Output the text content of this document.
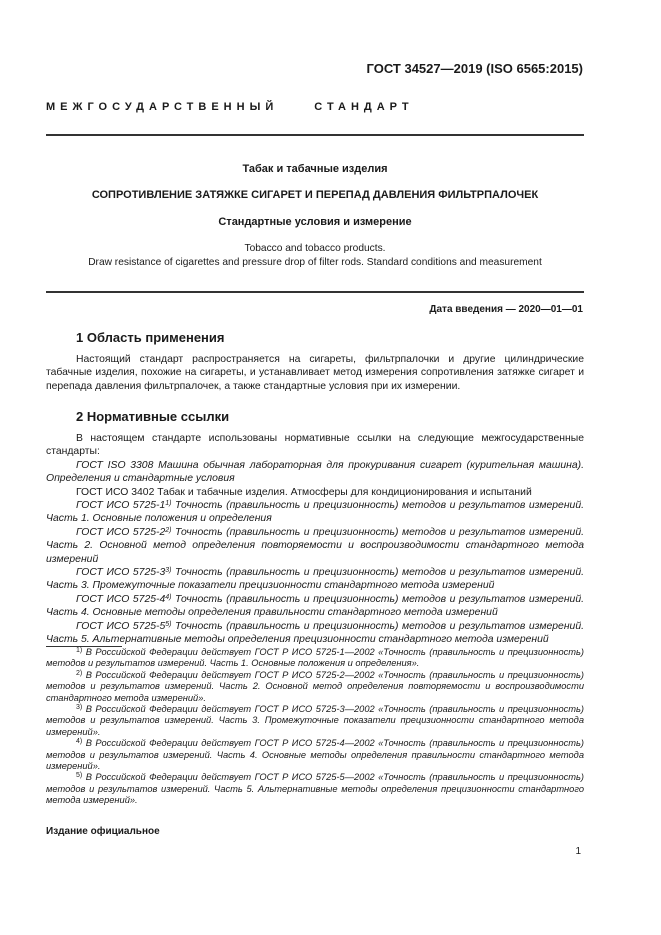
ГОСТ 34527—2019 (ISO 6565:2015)
МЕЖГОСУДАРСТВЕННЫЙ СТАНДАРТ
Табак и табачные изделия
СОПРОТИВЛЕНИЕ ЗАТЯЖКЕ СИГАРЕТ И ПЕРЕПАД ДАВЛЕНИЯ ФИЛЬТРПАЛОЧЕК
Стандартные условия и измерение
Tobacco and tobacco products.
Draw resistance of cigarettes and pressure drop of filter rods. Standard conditions and measurement
Дата введения — 2020—01—01
1 Область применения
Настоящий стандарт распространяется на сигареты, фильтрпалочки и другие цилиндрические табачные изделия, похожие на сигареты, и устанавливает метод измерения сопротивления затяжке сигарет и перепада давления фильтрпалочек, а также стандартные условия при их измерении.
2 Нормативные ссылки

В настоящем стандарте использованы нормативные ссылки на следующие межгосударственные стандарты:

ГОСТ ISO 3308 Машина обычная лабораторная для прокуривания сигарет (курительная машина). Определения и стандартные условия

ГОСТ ИСО 3402 Табак и табачные изделия. Атмосферы для кондиционирования и испытаний

ГОСТ ИСО 5725-1$^{1)}$ Точность (правильность и прецизионность) методов и результатов измерений. Часть 1. Основные положения и определения

ГОСТ ИСО 5725-2$^{2)}$ Точность (правильность и прецизионность) методов и результатов измерений. Часть 2. Основной метод определения повторяемости и воспроизводимости стандартного метода измерений

ГОСТ ИСО 5725-3$^{3)}$ Точность (правильность и прецизионность) методов и результатов измерений. Часть 3. Промежуточные показатели прецизионности стандартного метода измерений

ГОСТ ИСО 5725-4$^{4)}$ Точность (правильность и прецизионность) методов и результатов измерений. Часть 4. Основные методы определения правильности стандартного метода измерений

ГОСТ ИСО 5725-5$^{5)}$ Точность (правильность и прецизионность) методов и результатов измерений. Часть 5. Альтернативные методы определения прецизионности стандартного метода измерений

$^{1)}$ В Российской Федерации действует ГОСТ Р ИСО 5725-1—2002 «Точность (правильность и прецизионность) методов и результатов измерений. Часть 1. Основные положения и определения».

$^{2)}$ В Российской Федерации действует ГОСТ Р ИСО 5725-2—2002 «Точность (правильность и прецизионность) методов и результатов измерений. Часть 2. Основной метод определения повторяемости и воспроизводимости стандартного метода измерений».

$^{3)}$ В Российской Федерации действует ГОСТ Р ИСО 5725-3—2002 «Точность (правильность и прецизионность) методов и результатов измерений. Часть 3. Промежуточные показатели прецизионности стандартного метода измерений».

$^{4)}$ В Российской Федерации действует ГОСТ Р ИСО 5725-4—2002 «Точность (правильность и прецизионность) методов и результатов измерений. Часть 4. Основные методы определения правильности стандартного метода измерений».

$^{5)}$ В Российской Федерации действует ГОСТ Р ИСО 5725-5—2002 «Точность (правильность и прецизионность) методов и результатов измерений. Часть 5. Альтернативные методы определения прецизионности стандартного метода измерений».

Издание официальное
1
